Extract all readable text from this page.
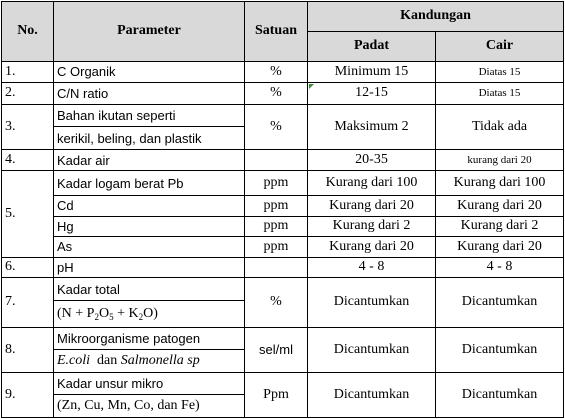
No.	Parameter	Satuan	Kandungan	
			Padat	Cair
1.	C Organik	%	Minimum 15	Diatas 15
2.	C/N ratio	%	12-15	Diatas 15
3.	Bahan ikutan seperti	%	Maksimum 2	Tidak ada
	kerikil, beling, dan plastik			
4.	Kadar air		20-35	kurang dari 20
5.	Kadar logam berat Pb	ppm	Kurang dari 100	Kurang dari 100
	Cd	ppm	Kurang dari 20	Kurang dari 20
	Hg	ppm	Kurang dari 2	Kurang dari 2
	As	ppm	Kurang dari 20	Kurang dari 20
6.	pH		4 - 8	4 - 8
7.	Kadar total	%	Dicantumkan	Dicantumkan
	$(N + P_2O_5 + K_2O)$			
8.	Mikroorganisme patogen	sel/ml	Dicantumkan	Dicantumkan
	E.coli dan Salmonella sp			
9.	Kadar unsur mikro	Ppm	Dicantumkan	Dicantumkan
	(Zn, Cu, Mn, Co, dan Fe)			
